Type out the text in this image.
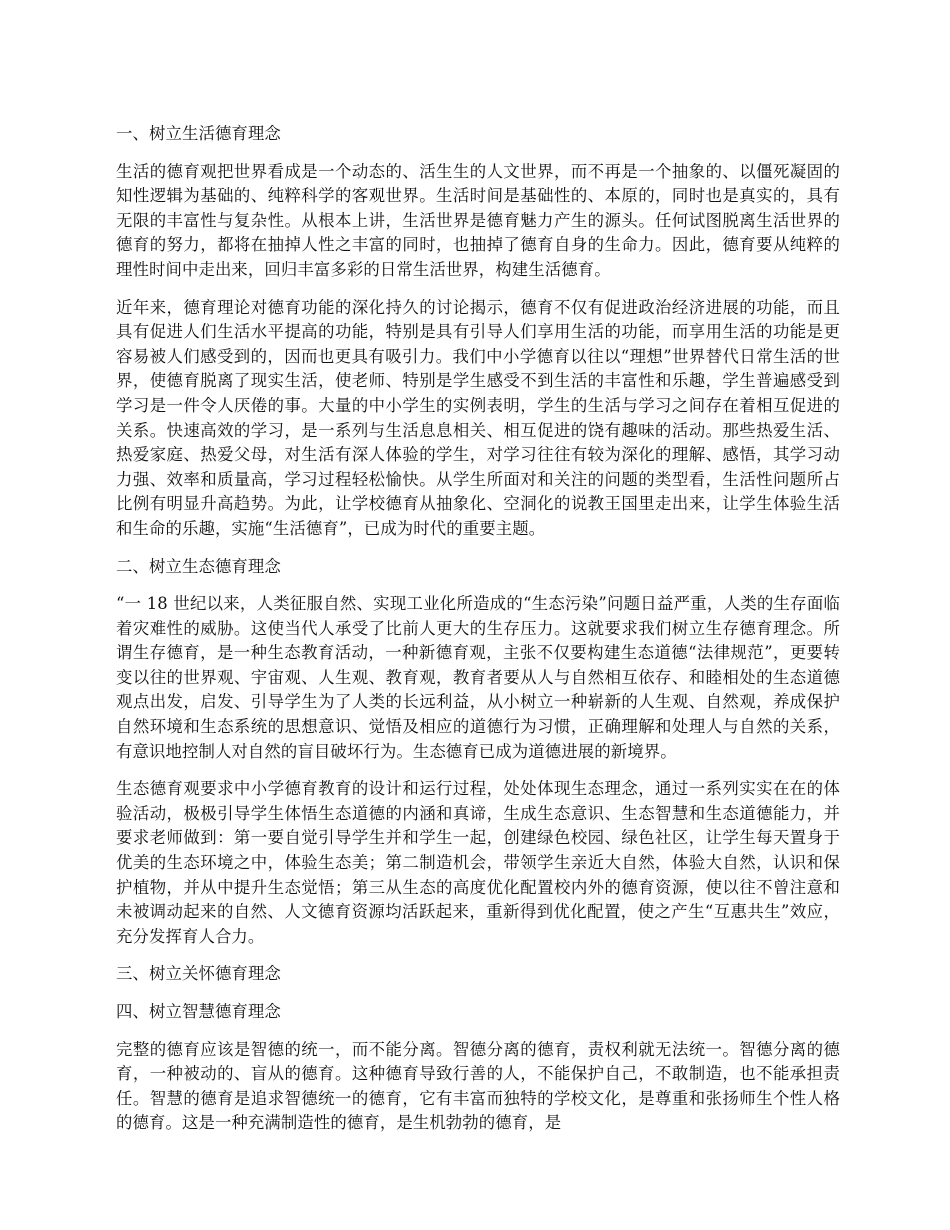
一、树立生活德育理念

生活的德育观把世界看成是一个动态的、活生生的人文世界，而不再是一个抽象的、以僵死凝固的知性逻辑为基础的、纯粹科学的客观世界。生活时间是基础性的、本原的，同时也是真实的，具有无限的丰富性与复杂性。从根本上讲，生活世界是德育魅力产生的源头。任何试图脱离生活世界的德育的努力，都将在抽掉人性之丰富的同时，也抽掉了德育自身的生命力。因此，德育要从纯粹的理性时间中走出来，回归丰富多彩的日常生活世界，构建生活德育。

近年来，德育理论对德育功能的深化持久的讨论揭示，德育不仅有促进政治经济进展的功能，而且具有促进人们生活水平提高的功能，特别是具有引导人们享用生活的功能，而享用生活的功能是更容易被人们感受到的，因而也更具有吸引力。我们中小学德育以往以“理想”世界替代日常生活的世界，使德育脱离了现实生活，使老师、特别是学生感受不到生活的丰富性和乐趣，学生普遍感受到学习是一件令人厌倦的事。大量的中小学生的实例表明，学生的生活与学习之间存在着相互促进的关系。快速高效的学习，是一系列与生活息息相关、相互促进的饶有趣味的活动。那些热爱生活、热爱家庭、热爱父母，对生活有深人体验的学生，对学习往往有较为深化的理解、感悟，其学习动力强、效率和质量高，学习过程轻松愉快。从学生所面对和关注的问题的类型看，生活性问题所占比例有明显升高趋势。为此，让学校德育从抽象化、空洞化的说教王国里走出来，让学生体验生活和生命的乐趣，实施“生活德育”，已成为时代的重要主题。

二、树立生态德育理念

“一 18 世纪以来，人类征服自然、实现工业化所造成的“生态污染”问题日益严重，人类的生存面临着灾难性的威胁。这使当代人承受了比前人更大的生存压力。这就要求我们树立生存德育理念。所谓生存德育，是一种生态教育活动，一种新德育观，主张不仅要构建生态道德“法律规范”，更要转变以往的世界观、宇宙观、人生观、教育观，教育者要从人与自然相互依存、和睦相处的生态道德观点出发，启发、引导学生为了人类的长远利益，从小树立一种崭新的人生观、自然观，养成保护自然环境和生态系统的思想意识、觉悟及相应的道德行为习惯，正确理解和处理人与自然的关系，有意识地控制人对自然的盲目破坏行为。生态德育已成为道德进展的新境界。

生态德育观要求中小学德育教育的设计和运行过程，处处体现生态理念，通过一系列实实在在的体验活动，极极引导学生体悟生态道德的内涵和真谛，生成生态意识、生态智慧和生态道德能力，并要求老师做到：第一要自觉引导学生并和学生一起，创建绿色校园、绿色社区，让学生每天置身于优美的生态环境之中，体验生态美；第二制造机会，带领学生亲近大自然，体验大自然，认识和保护植物，并从中提升生态觉悟；第三从生态的高度优化配置校内外的德育资源，使以往不曾注意和未被调动起来的自然、人文德育资源均活跃起来，重新得到优化配置，使之产生“互惠共生”效应，充分发挥育人合力。

三、树立关怀德育理念

四、树立智慧德育理念

完整的德育应该是智德的统一，而不能分离。智德分离的德育，责权利就无法统一。智德分离的德育，一种被动的、盲从的德育。这种德育导致行善的人，不能保护自己，不敢制造，也不能承担责任。智慧的德育是追求智德统一的德育，它有丰富而独特的学校文化，是尊重和张扬师生个性人格的德育。这是一种充满制造性的德育，是生机勃勃的德育，是
